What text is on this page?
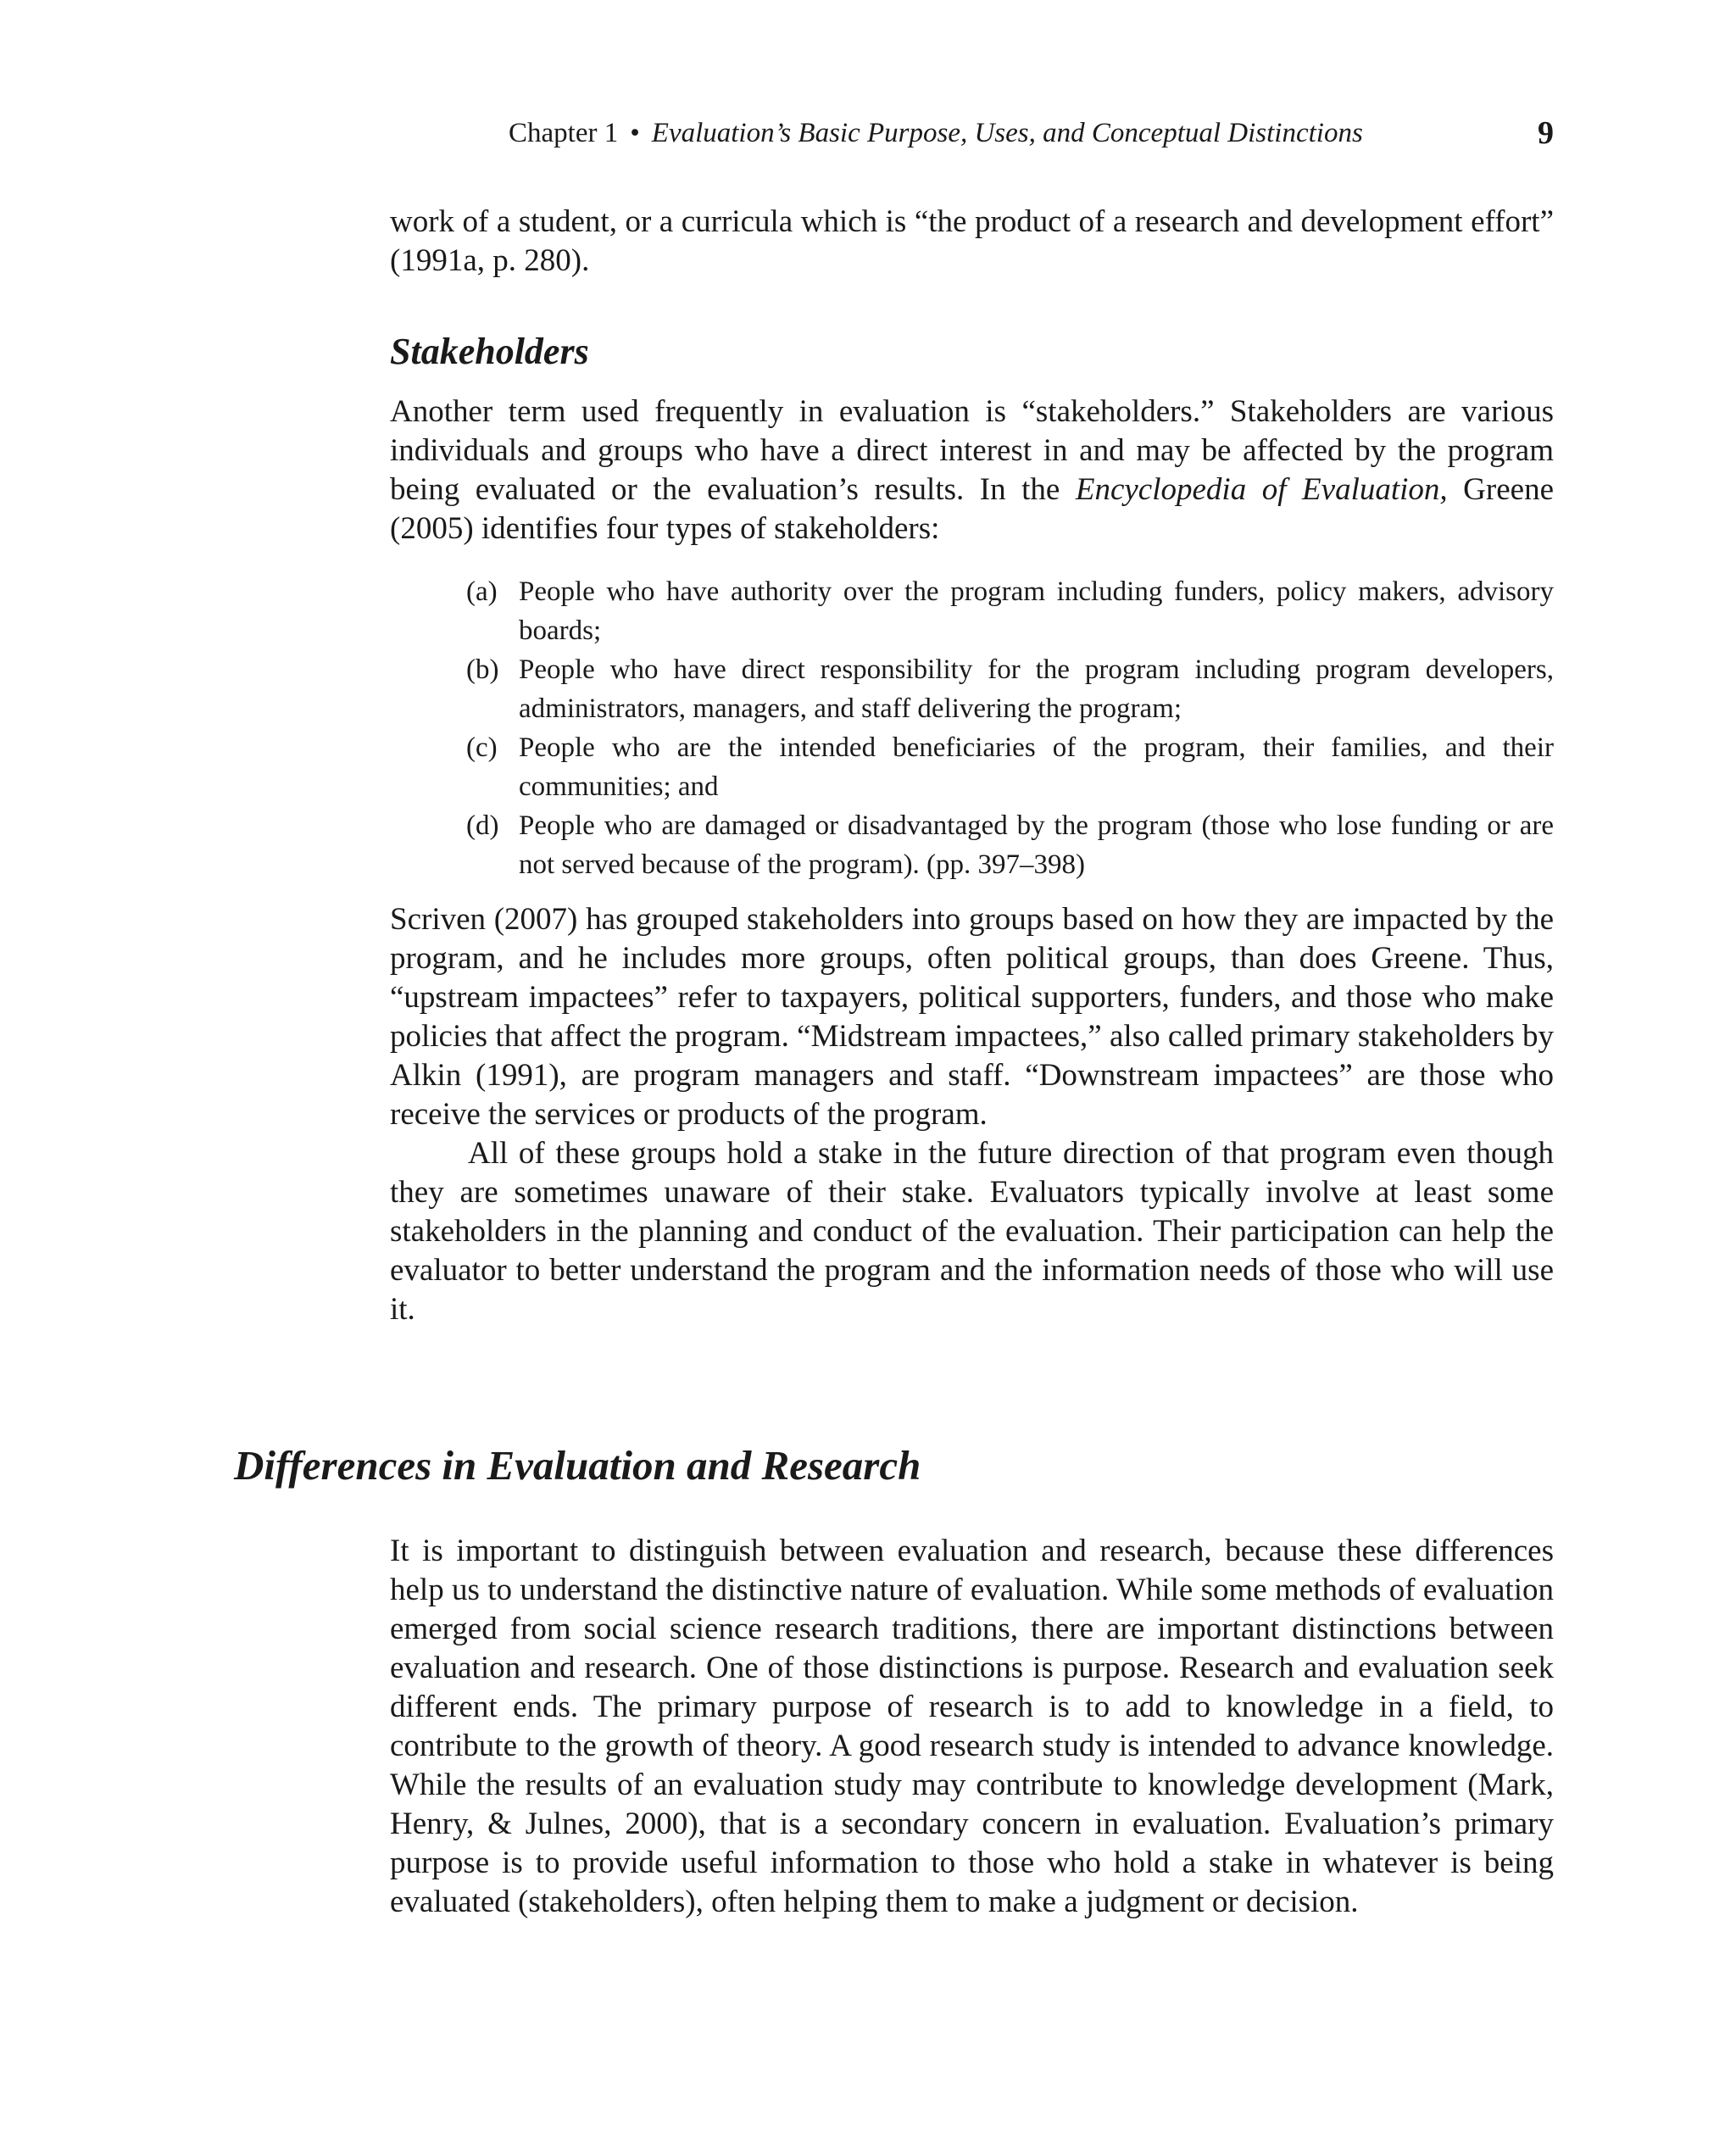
Chapter 1 • Evaluation’s Basic Purpose, Uses, and Conceptual Distinctions	9

work of a student, or a curricula which is “the product of a research and development effort” (1991a, p. 280).

Stakeholders

Another term used frequently in evaluation is “stakeholders.” Stakeholders are various individuals and groups who have a direct interest in and may be affected by the program being evaluated or the evaluation’s results. In the Encyclopedia of Evaluation, Greene (2005) identifies four types of stakeholders:

(a) People who have authority over the program including funders, policy makers, advisory boards;
(b) People who have direct responsibility for the program including program developers, administrators, managers, and staff delivering the program;
(c) People who are the intended beneficiaries of the program, their families, and their communities; and
(d) People who are damaged or disadvantaged by the program (those who lose funding or are not served because of the program). (pp. 397–398)

Scriven (2007) has grouped stakeholders into groups based on how they are impacted by the program, and he includes more groups, often political groups, than does Greene. Thus, “upstream impactees” refer to taxpayers, political supporters, funders, and those who make policies that affect the program. “Midstream impactees,” also called primary stakeholders by Alkin (1991), are program managers and staff. “Downstream impactees” are those who receive the services or products of the program.

All of these groups hold a stake in the future direction of that program even though they are sometimes unaware of their stake. Evaluators typically involve at least some stakeholders in the planning and conduct of the evaluation. Their participation can help the evaluator to better understand the program and the information needs of those who will use it.

Differences in Evaluation and Research

It is important to distinguish between evaluation and research, because these differences help us to understand the distinctive nature of evaluation. While some methods of evaluation emerged from social science research traditions, there are important distinctions between evaluation and research. One of those distinctions is purpose. Research and evaluation seek different ends. The primary purpose of research is to add to knowledge in a field, to contribute to the growth of theory. A good research study is intended to advance knowledge. While the results of an evaluation study may contribute to knowledge development (Mark, Henry, & Julnes, 2000), that is a secondary concern in evaluation. Evaluation’s primary purpose is to provide useful information to those who hold a stake in whatever is being evaluated (stakeholders), often helping them to make a judgment or decision.
